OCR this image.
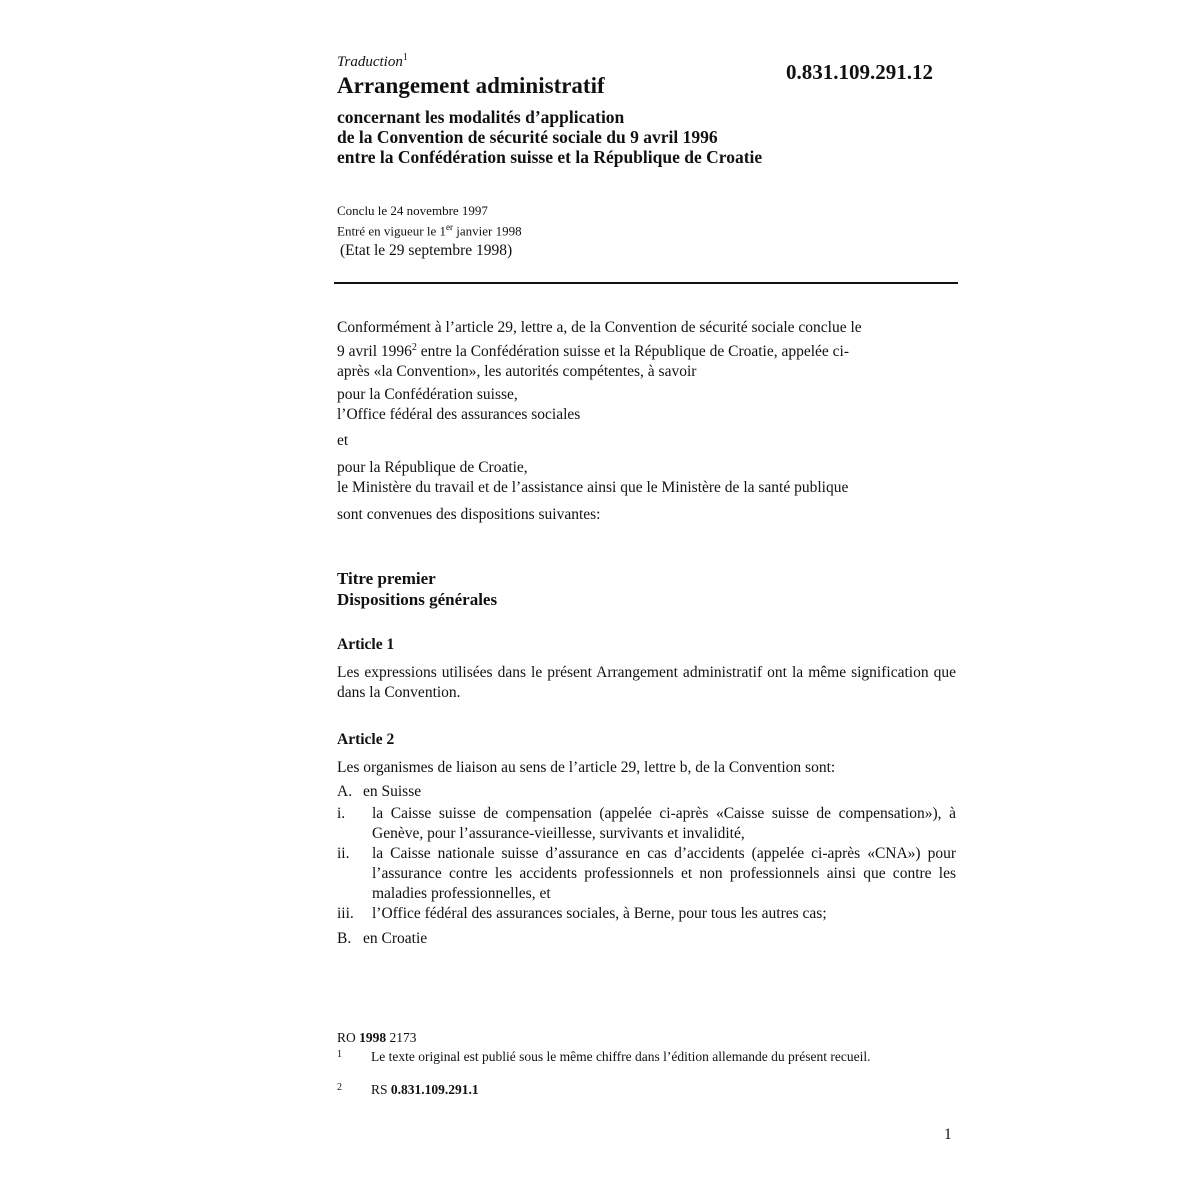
Traduction$^1$
Arrangement administratif
0.831.109.291.12
concernant les modalités d’application
de la Convention de sécurité sociale du 9 avril 1996
entre la Confédération suisse et la République de Croatie
Conclu le 24 novembre 1997
Entré en vigueur le 1er janvier 1998
(Etat le 29 septembre 1998)
Conformément à l’article 29, lettre a, de la Convention de sécurité sociale conclue le
9 avril 1996$^2$ entre la Confédération suisse et la République de Croatie, appelée ci-
après «la Convention», les autorités compétentes, à savoir
pour la Confédération suisse,
l’Office fédéral des assurances sociales
et
pour la République de Croatie,
le Ministère du travail et de l’assistance ainsi que le Ministère de la santé publique
sont convenues des dispositions suivantes:
Titre premier
Dispositions générales
Article 1
Les expressions utilisées dans le présent Arrangement administratif ont la même signification que dans la Convention.
Article 2
Les organismes de liaison au sens de l’article 29, lettre b, de la Convention sont:
A. en Suisse
i. la Caisse suisse de compensation (appelée ci-après «Caisse suisse de compensation»), à Genève, pour l’assurance-vieillesse, survivants et invalidité,
ii. la Caisse nationale suisse d’assurance en cas d’accidents (appelée ci-après «CNA») pour l’assurance contre les accidents professionnels et non professionnels ainsi que contre les maladies professionnelles, et
iii. l’Office fédéral des assurances sociales, à Berne, pour tous les autres cas;
B. en Croatie
RO 1998 2173
1 Le texte original est publié sous le même chiffre dans l’édition allemande du présent recueil.
2 RS 0.831.109.291.1
1
